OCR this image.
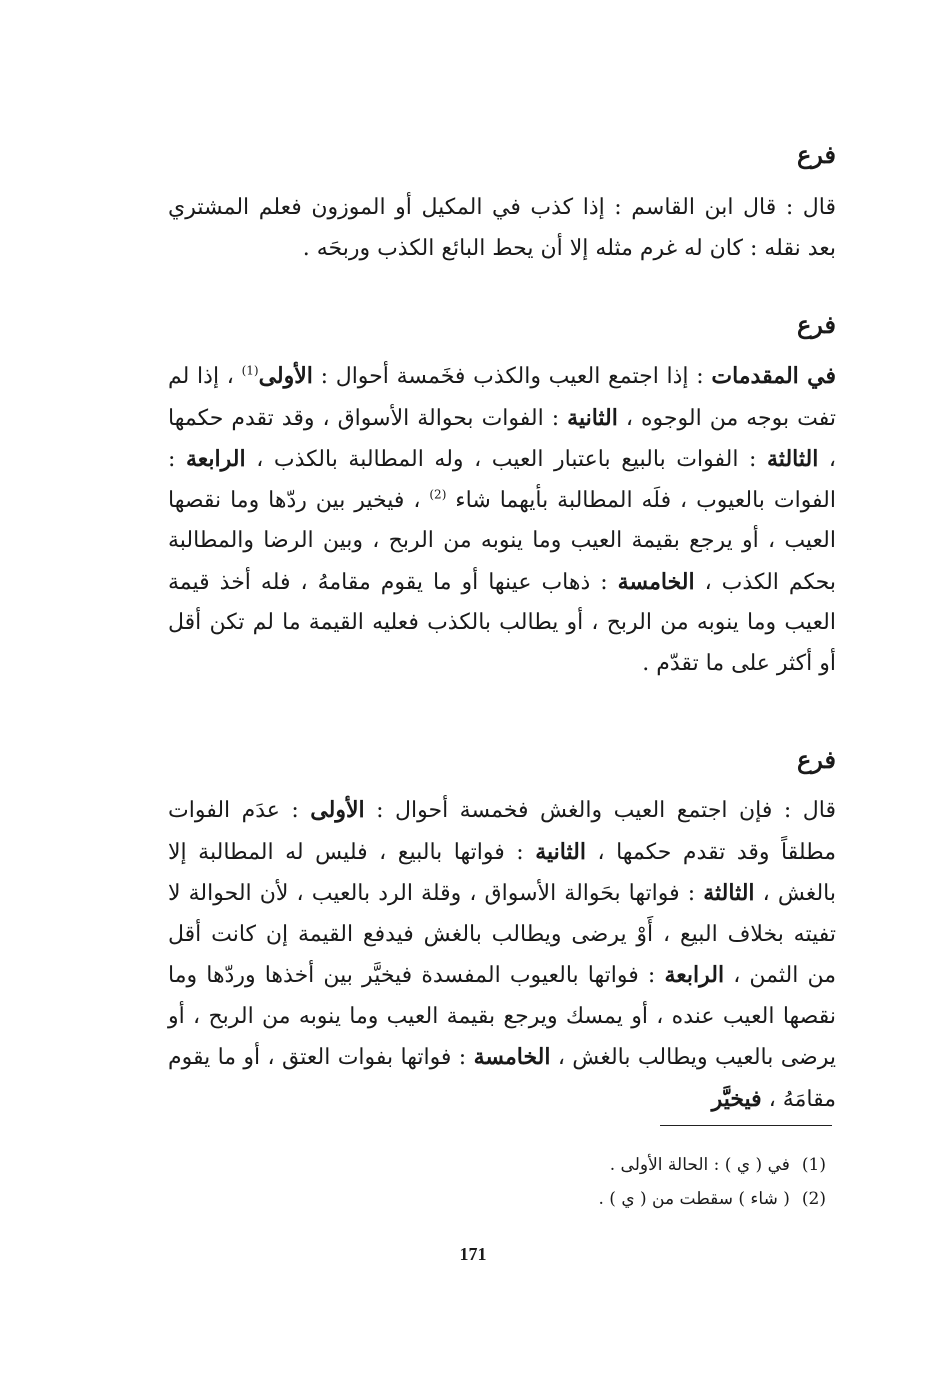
فرع

قال : قال ابن القاسم : إذا كذب في المكيل أو الموزون فعلم المشتري بعد نقله : كان له غرم مثله إلا أن يحط البائع الكذب وربحَه .

فرع

في المقدمات : إذا اجتمع العيب والكذب فخَمسة أحوال : الأولى$^{(1)}$ ، إذا لم تفت بوجه من الوجوه ، الثانية : الفوات بحوالة الأسواق ، وقد تقدم حكمها ، الثالثة : الفوات بالبيع باعتبار العيب ، وله المطالبة بالكذب ، الرابعة : الفوات بالعيوب ، فلَه المطالبة بأيهما شاء $^{(2)}$ ، فيخير بين ردّها وما نقصها العيب ، أو يرجع بقيمة العيب وما ينوبه من الربح ، وبين الرضا والمطالبة بحكم الكذب ، الخامسة : ذهاب عينها أو ما يقوم مقامهُ ، فله أخذ قيمة العيب وما ينوبه من الربح ، أو يطالب بالكذب فعليه القيمة ما لم تكن أقل أو أكثر على ما تقدّم .

فرع

قال : فإن اجتمع العيب والغش فخمسة أحوال : الأولى : عدَم الفوات مطلقاً وقد تقدم حكمها ، الثانية : فواتها بالبيع ، فليس له المطالبة إلا بالغش ، الثالثة : فواتها بحَوالة الأسواق ، وقلة الرد بالعيب ، لأن الحوالة لا تفيته بخلاف البيع ، أَوْ يرضى ويطالب بالغش فيدفع القيمة إن كانت أقل من الثمن ، الرابعة : فواتها بالعيوب المفسدة فيخيَّر بين أخذها وردّها وما نقصها العيب عنده ، أو يمسك ويرجع بقيمة العيب وما ينوبه من الربح ، أو يرضى بالعيب ويطالب بالغش ، الخامسة : فواتها بفوات العتق ، أو ما يقوم مقامَهُ ، فيخيَّر

(1)في ( ي ) : الحالة الأولى .
(2)( شاء ) سقطت من ( ي ) .
171
